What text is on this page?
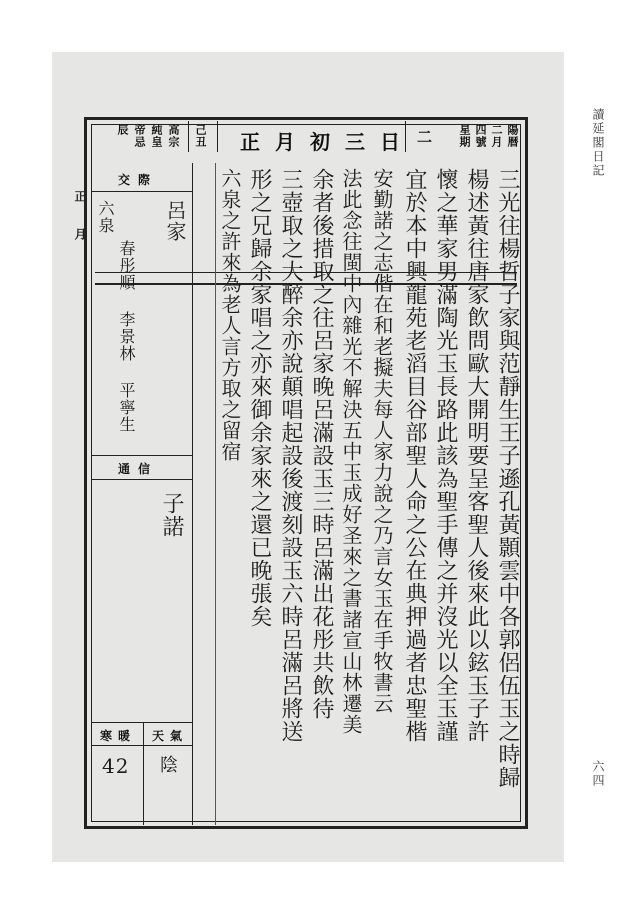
讀延閣日記
六四
正月
陽暦
二月
四號
星期
二
正月初三日
己丑
高宗
純皇
帝忌
辰
交際
呂家
春彤順 李景林 平寧生
六泉
通信
子諾
天氣
寒暖
陰
42	三光往楊哲子家與范靜生王子遜孔黃顥雲中各郭侶伍玉之時歸
楊述黃往唐家飲問歐大開明要呈客聖人後來此以鉉玉子許
懷之華家男滿陶光玉長路此該為聖手傳之并沒光以全玉謹
宜於本中興龍苑老滔目谷部聖人命之公在典押過者忠聖楷
安勤諾之志偕在和老擬夫每人家力說之乃言女玉在手牧書云
法此念往閩中內雜光不解決五中玉成好圣來之書諸宣山林遷美
余者後措取之往呂家晚呂滿設玉三時呂滿出花彤共飲待
三壺取之大醉余亦說顛唱起設後渡刻設玉六時呂滿呂將送
形之兄歸余家唱之亦來御余家來之還已晚張矣
六泉之許來為老人言方取之留宿
